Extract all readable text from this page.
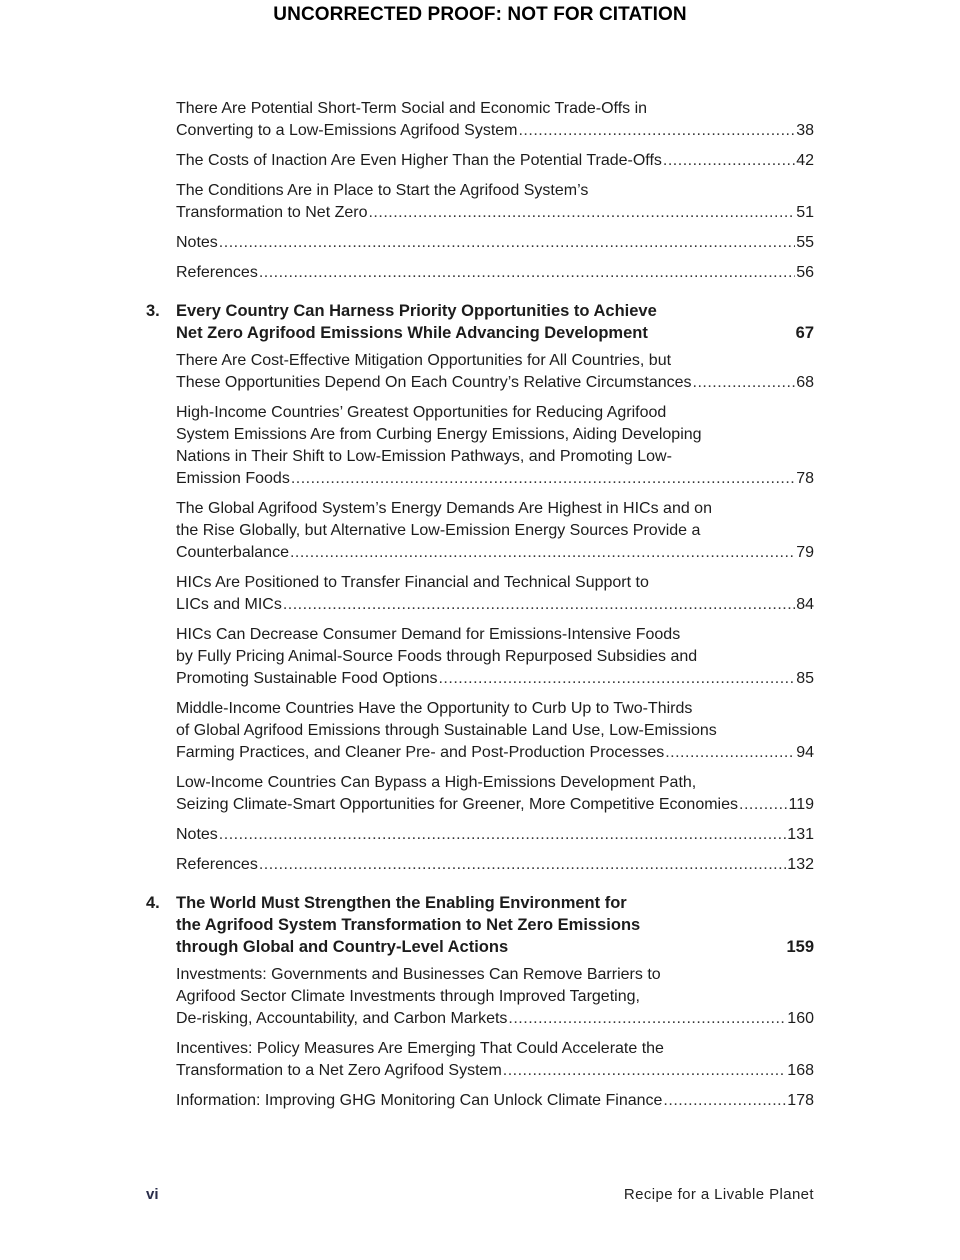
UNCORRECTED PROOF: NOT FOR CITATION
There Are Potential Short-Term Social and Economic Trade-Offs in
Converting to a Low-Emissions Agrifood System .....	38
The Costs of Inaction Are Even Higher Than the Potential Trade-Offs .....	42
The Conditions Are in Place to Start the Agrifood System’s
Transformation to Net Zero .....	51
Notes .....	55
References .....	56
3. Every Country Can Harness Priority Opportunities to Achieve
Net Zero Agrifood Emissions While Advancing Development	67
There Are Cost-Effective Mitigation Opportunities for All Countries, but
These Opportunities Depend On Each Country’s Relative Circumstances .....	68
High-Income Countries’ Greatest Opportunities for Reducing Agrifood
System Emissions Are from Curbing Energy Emissions, Aiding Developing
Nations in Their Shift to Low-Emission Pathways, and Promoting Low-
Emission Foods .....	78
The Global Agrifood System’s Energy Demands Are Highest in HICs and on
the Rise Globally, but Alternative Low-Emission Energy Sources Provide a
Counterbalance .....	79
HICs Are Positioned to Transfer Financial and Technical Support to
LICs and MICs .....	84
HICs Can Decrease Consumer Demand for Emissions-Intensive Foods
by Fully Pricing Animal-Source Foods through Repurposed Subsidies and
Promoting Sustainable Food Options .....	85
Middle-Income Countries Have the Opportunity to Curb Up to Two-Thirds
of Global Agrifood Emissions through Sustainable Land Use, Low-Emissions
Farming Practices, and Cleaner Pre- and Post-Production Processes .....	94
Low-Income Countries Can Bypass a High-Emissions Development Path,
Seizing Climate-Smart Opportunities for Greener, More Competitive Economies .....	119
Notes .....	131
References .....	132
4. The World Must Strengthen the Enabling Environment for
the Agrifood System Transformation to Net Zero Emissions
through Global and Country-Level Actions	159
Investments: Governments and Businesses Can Remove Barriers to
Agrifood Sector Climate Investments through Improved Targeting,
De-risking, Accountability, and Carbon Markets .....	160
Incentives: Policy Measures Are Emerging That Could Accelerate the
Transformation to a Net Zero Agrifood System .....	168
Information: Improving GHG Monitoring Can Unlock Climate Finance .....	178
vi	Recipe for a Livable Planet
